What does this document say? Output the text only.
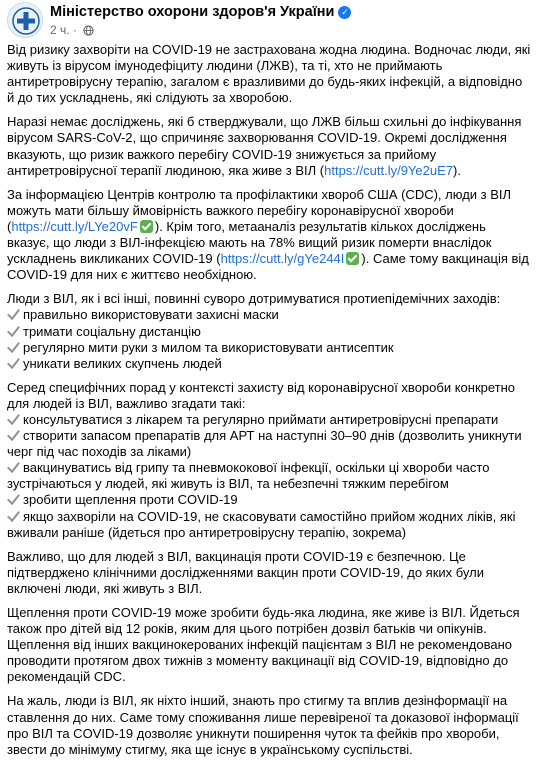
Міністерство охорони здоров'я України ✓
2 ч. ·

Від ризику захворіти на COVID-19 не застрахована жодна людина. Водночас люди, які живуть із вірусом імунодефіциту людини (ЛЖВ), та ті, хто не приймають антиретровірусну терапію, загалом є вразливими до будь-яких інфекцій, а відповідно й до тих ускладнень, які слідують за хворобою.

Наразі немає досліджень, які б стверджували, що ЛЖВ більш схильні до інфікування вірусом SARS-CoV-2, що спричиняє захворювання COVID-19. Окремі дослідження вказують, що ризик важкого перебігу COVID-19 знижується за прийому антиретровірусної терапії людиною, яка живе з ВІЛ (https://cutt.ly/9Ye2uE7).

За інформацією Центрів контролю та профілактики хвороб США (CDC), люди з ВІЛ можуть мати більшу ймовірність важкого перебігу коронавірусної хвороби (https://cutt.ly/LYe20vF ). Крім того, метааналіз результатів кількох досліджень вказує, що люди з ВІЛ-інфекцією мають на 78% вищий ризик померти внаслідок ускладнень викликаних COVID-19 (https://cutt.ly/gYe244I ). Саме тому вакцинація від COVID-19 для них є життєво необхідною.

Люди з ВІЛ, як і всі інші, повинні суворо дотримуватися протиепідемічних заходів:

правильно використовувати захисні маски
тримати соціальну дистанцію
регулярно мити руки з милом та використовувати антисептик
уникати великих скупчень людей

Серед специфічних порад у контексті захисту від коронавірусної хвороби конкретно для людей із ВІЛ, важливо згадати такі:

консультуватися з лікарем та регулярно приймати антиретровірусні препарати
створити запасом препаратів для АРТ на наступні 30–90 днів (дозволить уникнути черг під час походів за ліками)
вакцинуватись від грипу та пневмококової інфекції, оскільки ці хвороби часто зустрічаються у людей, які живуть із ВІЛ, та небезпечні тяжким перебігом
зробити щеплення проти COVID-19
якщо захворіли на COVID-19, не скасовувати самостійно прийом жодних ліків, які вживали раніше (йдеться про антиретровірусну терапію, зокрема)

Важливо, що для людей з ВІЛ, вакцинація проти COVID-19 є безпечною. Це підтверджено клінічними дослідженнями вакцин проти COVID-19, до яких були включені люди, які живуть з ВІЛ.

Щеплення проти COVID-19 може зробити будь-яка людина, яке живе із ВІЛ. Йдеться також про дітей від 12 років, яким для цього потрібен дозвіл батьків чи опікунів.

Щеплення від інших вакцинокерованих інфекцій пацієнтам з ВІЛ не рекомендовано проводити протягом двох тижнів з моменту вакцинації від COVID-19, відповідно до рекомендацій CDC.

На жаль, люди із ВІЛ, як ніхто інший, знають про стигму та вплив дезінформації на ставлення до них. Саме тому споживання лише перевіреної та доказової інформації про ВІЛ та COVID-19 дозволяє уникнути поширення чуток та фейків про хвороби, звести до мінімуму стигму, яка ще існує в українському суспільстві.
